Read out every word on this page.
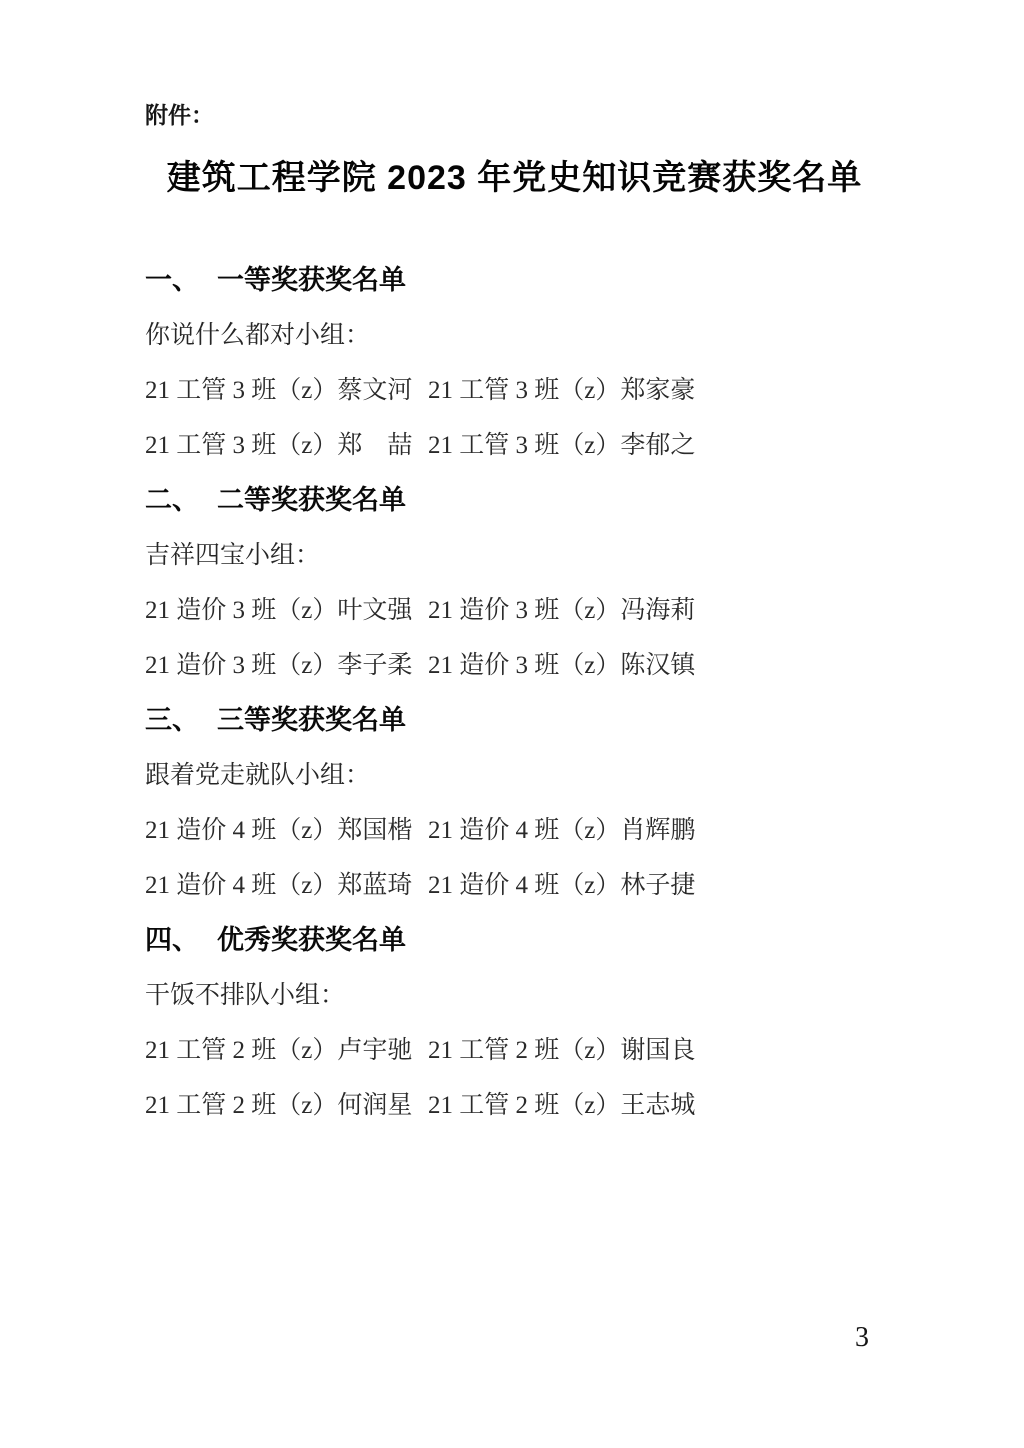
附件：

建筑工程学院 2023 年党史知识竞赛获奖名单
一、 一等奖获奖名单
你说什么都对小组：
21 工管 3 班（z）蔡文河 21 工管 3 班（z）郑家豪
21 工管 3 班（z）郑　喆 21 工管 3 班（z）李郁之
二、 二等奖获奖名单
吉祥四宝小组：
21 造价 3 班（z）叶文强 21 造价 3 班（z）冯海莉
21 造价 3 班（z）李子柔 21 造价 3 班（z）陈汉镇
三、 三等奖获奖名单
跟着党走就队小组：
21 造价 4 班（z）郑国楷 21 造价 4 班（z）肖辉鹏
21 造价 4 班（z）郑蓝琦 21 造价 4 班（z）林子捷
四、 优秀奖获奖名单
干饭不排队小组：
21 工管 2 班（z）卢宇驰 21 工管 2 班（z）谢国良
21 工管 2 班（z）何润星 21 工管 2 班（z）王志城
3
